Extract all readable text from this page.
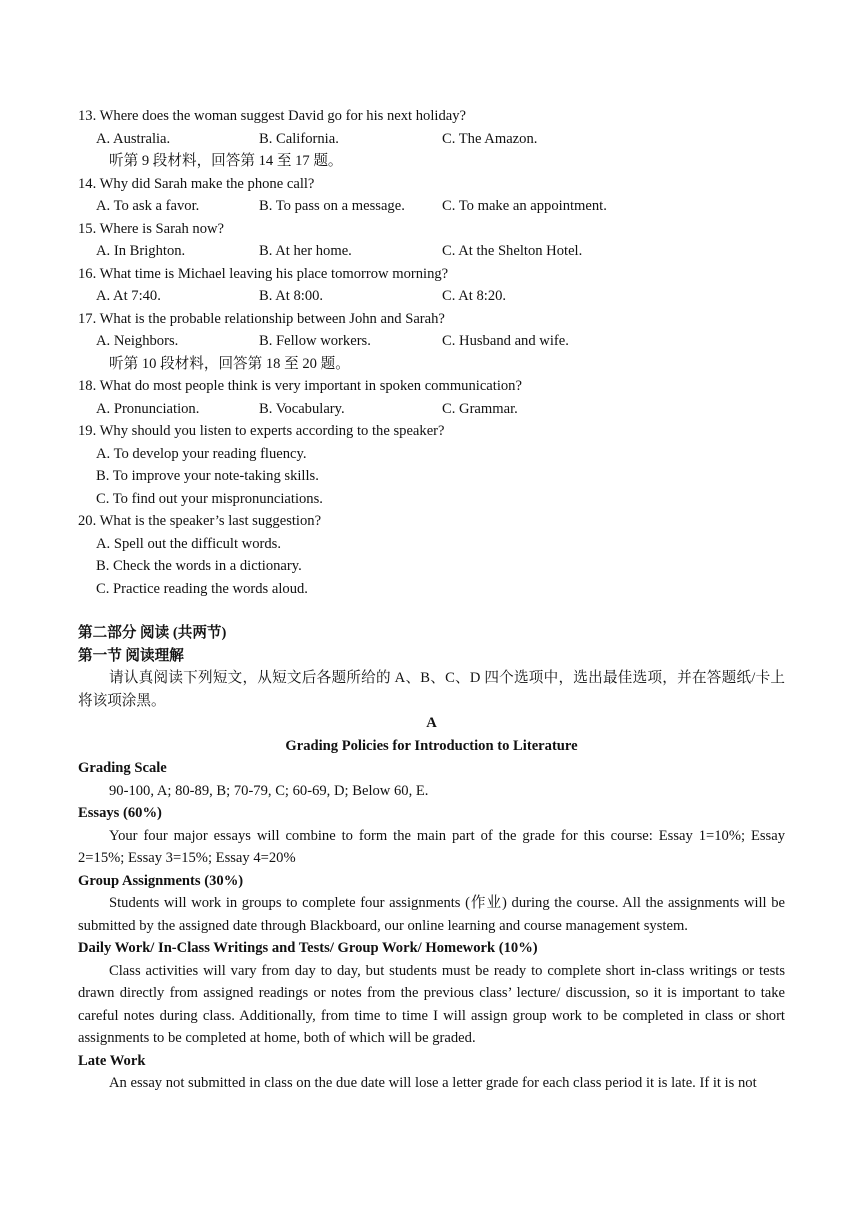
13. Where does the woman suggest David go for his next holiday?

A. Australia.	B. California.	C. The Amazon.
听第 9 段材料，回答第 14 至 17 题。

14. Why did Sarah make the phone call?

A. To ask a favor.	B. To pass on a message.	C. To make an appointment.

15. Where is Sarah now?

A. In Brighton.	B. At her home.	C. At the Shelton Hotel.

16. What time is Michael leaving his place tomorrow morning?

A. At 7:40.	B. At 8:00.	C. At 8:20.

17. What is the probable relationship between John and Sarah?

A. Neighbors.	B. Fellow workers.	C. Husband and wife.
听第 10 段材料，回答第 18 至 20 题。

18. What do most people think is very important in spoken communication?

A. Pronunciation.	B. Vocabulary.	C. Grammar.

19. Why should you listen to experts according to the speaker?

A. To develop your reading fluency.
B. To improve your note-taking skills.
C. To find out your mispronunciations.

20. What is the speaker’s last suggestion?

A. Spell out the difficult words.
B. Check the words in a dictionary.
C. Practice reading the words aloud.
第二部分 阅读 (共两节)
第一节 阅读理解

请认真阅读下列短文，从短文后各题所给的 A、B、C、D 四个选项中，选出最佳选项，并在答题纸/卡上将该项涂黑。

A
Grading Policies for Introduction to Literature
Grading Scale
90-100, A; 80-89, B; 70-79, C; 60-69, D; Below 60, E.
Essays (60%)

Your four major essays will combine to form the main part of the grade for this course: Essay 1=10%; Essay 2=15%; Essay 3=15%; Essay 4=20%

Group Assignments (30%)

Students will work in groups to complete four assignments (作业) during the course. All the assignments will be submitted by the assigned date through Blackboard, our online learning and course management system.

Daily Work/ In-Class Writings and Tests/ Group Work/ Homework (10%)

Class activities will vary from day to day, but students must be ready to complete short in-class writings or tests drawn directly from assigned readings or notes from the previous class’ lecture/ discussion, so it is important to take careful notes during class. Additionally, from time to time I will assign group work to be completed in class or short assignments to be completed at home, both of which will be graded.

Late Work

An essay not submitted in class on the due date will lose a letter grade for each class period it is late. If it is not
